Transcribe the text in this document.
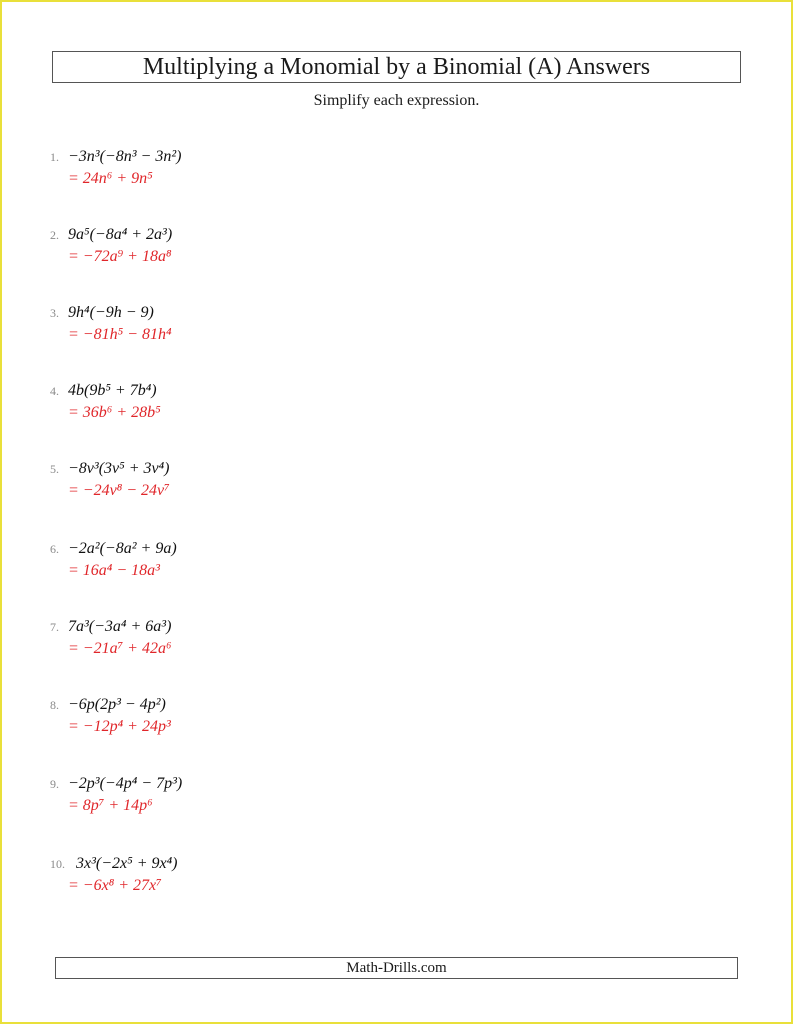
Multiplying a Monomial by a Binomial (A) Answers
Simplify each expression.
1. −3n³(−8n³ − 3n²)
= 24n⁶ + 9n⁵
2. 9a⁵(−8a⁴ + 2a³)
= −72a⁹ + 18a⁸
3. 9h⁴(−9h − 9)
= −81h⁵ − 81h⁴
4. 4b(9b⁵ + 7b⁴)
= 36b⁶ + 28b⁵
5. −8v³(3v⁵ + 3v⁴)
= −24v⁸ − 24v⁷
6. −2a²(−8a² + 9a)
= 16a⁴ − 18a³
7. 7a³(−3a⁴ + 6a³)
= −21a⁷ + 42a⁶
8. −6p(2p³ − 4p²)
= −12p⁴ + 24p³
9. −2p³(−4p⁴ − 7p³)
= 8p⁷ + 14p⁶
10. 3x³(−2x⁵ + 9x⁴)
= −6x⁸ + 27x⁷
Math-Drills.com
